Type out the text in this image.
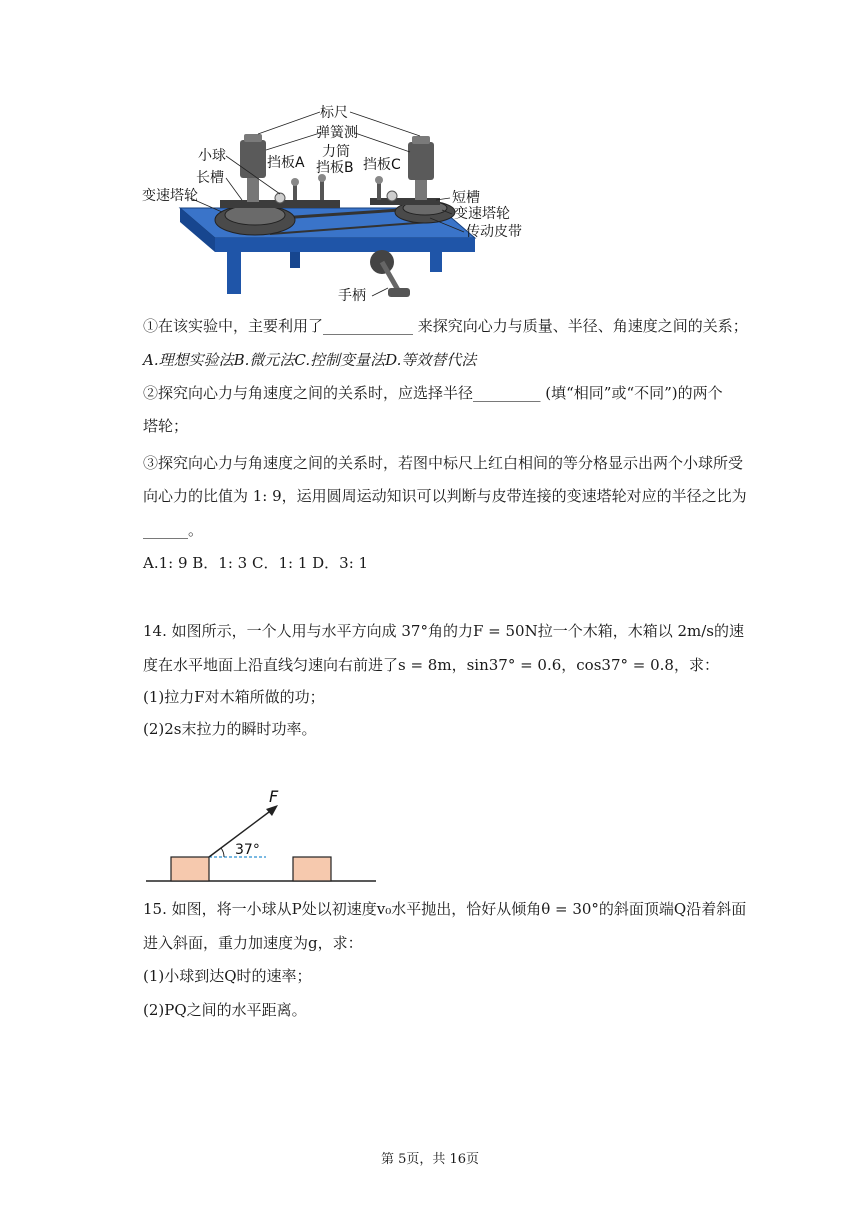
标尺
弹簧测
力筒
小球	挡板A 挡板B 挡板C
长槽
变速塔轮	短槽
变速塔轮
传动皮带
手柄
①在该实验中，主要利用了____________ 来探究向心力与质量、半径、角速度之间的关系；
A.理想实验法B.微元法C.控制变量法D.等效替代法
②探究向心力与角速度之间的关系时，应选择半径_________ (填“相同”或“不同”)的两个
塔轮；
③探究向心力与角速度之间的关系时，若图中标尺上红白相间的等分格显示出两个小球所受
向心力的比值为 1: 9，运用圆周运动知识可以判断与皮带连接的变速塔轮对应的半径之比为
______。
A.1: 9 B．1: 3 C．1: 1 D．3: 1
14. 如图所示，一个人用与水平方向成 37°角的力F = 50N拉一个木箱，木箱以 2m/s的速
度在水平地面上沿直线匀速向右前进了s = 8m，sin37° = 0.6，cos37° = 0.8，求：
(1)拉力F对木箱所做的功；
(2)2s末拉力的瞬时功率。
F
37°
15. 如图，将一小球从P处以初速度v₀水平抛出，恰好从倾角θ = 30°的斜面顶端Q沿着斜面
进入斜面，重力加速度为g，求：
(1)小球到达Q时的速率；
(2)PQ之间的水平距离。
第 5页，共 16页
